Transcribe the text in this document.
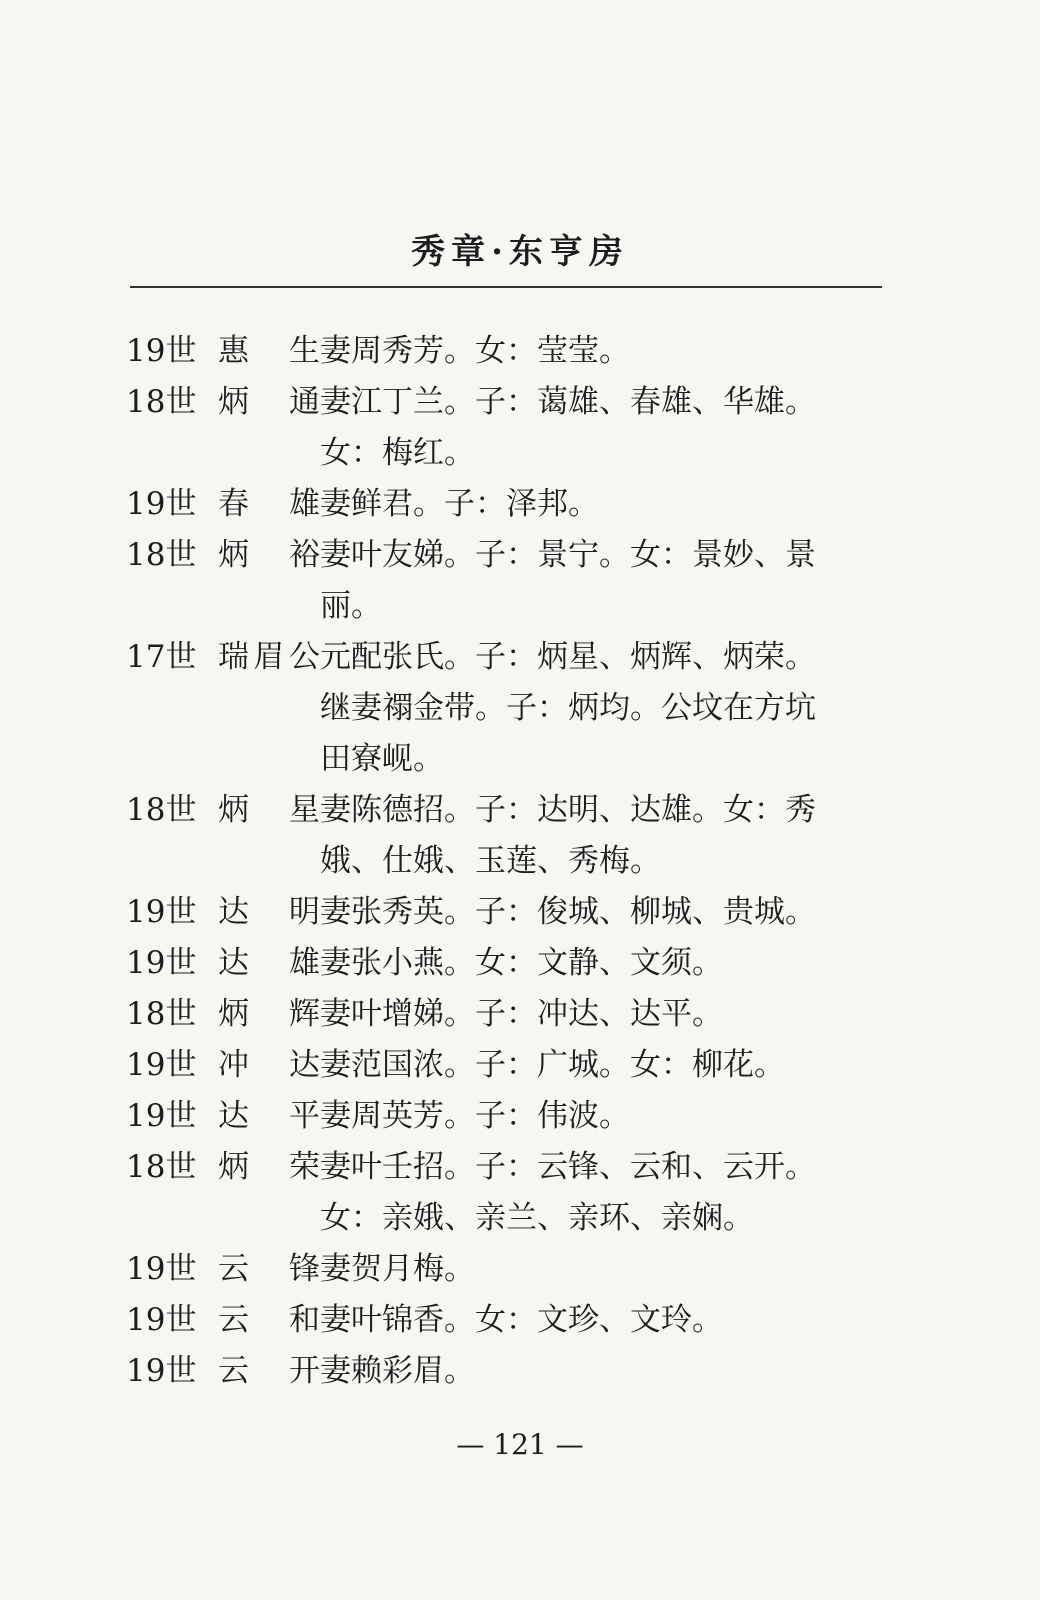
秀章·东亨房
19世 惠 生 妻周秀芳。女：莹莹。
18世 炳 通 妻江丁兰。子：蔼雄、春雄、华雄。
女：梅红。
19世 春 雄 妻鲜君。子：泽邦。
18世 炳 裕 妻叶友娣。子：景宁。女：景妙、景
丽。
17世 瑞 眉 公 元配张氏。子：炳星、炳辉、炳荣。
继妻禤金带。子：炳均。公坟在方坑
田寮岘。
18世 炳 星 妻陈德招。子：达明、达雄。女：秀
娥、仕娥、玉莲、秀梅。
19世 达 明 妻张秀英。子：俊城、柳城、贵城。
19世 达 雄 妻张小燕。女：文静、文须。
18世 炳 辉 妻叶增娣。子：冲达、达平。
19世 冲 达 妻范国浓。子：广城。女：柳花。
19世 达 平 妻周英芳。子：伟波。
18世 炳 荣 妻叶壬招。子：云锋、云和、云开。
女：亲娥、亲兰、亲环、亲娴。
19世 云 锋 妻贺月梅。
19世 云 和 妻叶锦香。女：文珍、文玲。
19世 云 开 妻赖彩眉。
— 121 —
